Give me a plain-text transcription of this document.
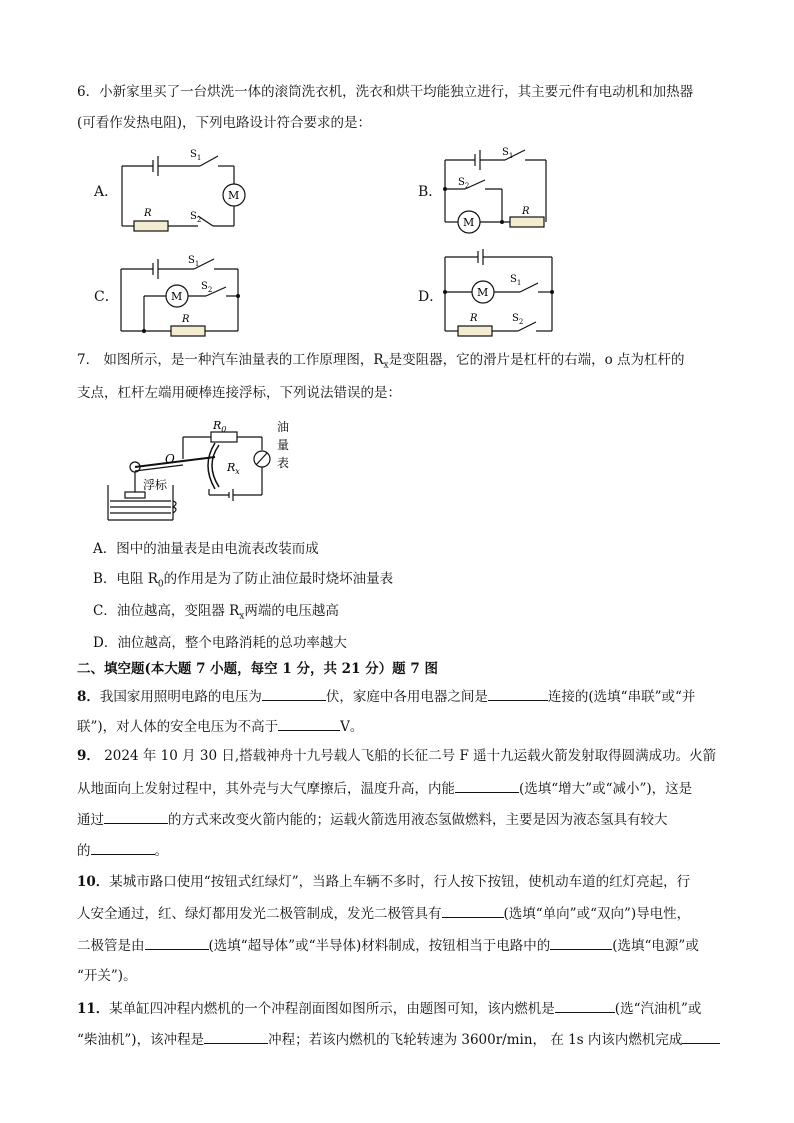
6．小新家里买了一台烘洗一体的滚筒洗衣机，洗衣和烘干均能独立进行，其主要元件有电动机和加热器
(可看作发热电阻)，下列电路设计符合要求的是：
A．
$S_1$
$S_2$
R
M	B．
$S_1$
$S_2$
R
M
C．
$S_1$
$S_2$
R
M	D．
$S_1$
$S_2$
R
M
7． 如图所示，是一种汽车油量表的工作原理图，$R_x$是变阻器，它的滑片是杠杆的右端，o 点为杠杆的
支点，杠杆左端用硬棒连接浮标，下列说法错误的是：
$R_0$
$R_x$
O
浮标
油
量
表
A．图中的油量表是由电流表改装而成
B．电阻 $R_0$的作用是为了防止油位最时烧坏油量表
C．油位越高，变阻器 $R_x$两端的电压越高
D．油位越高，整个电路消耗的总功率越大
二、填空题(本大题 7 小题，每空 1 分，共 21 分）题 7 图
8．我国家用照明电路的电压为	伏，家庭中各用电器之间是	连接的(选填“串联”或“并
联”)，对人体的安全电压为不高于	V。
9． 2024 年 10 月 30 日,搭载神舟十九号载人飞船的长征二号 F 遥十九运载火箭发射取得圆满成功。火箭
从地面向上发射过程中，其外壳与大气摩擦后，温度升高，内能	(选填“增大”或“减小”)，这是
通过	的方式来改变火箭内能的；运载火箭选用液态氢做燃料，主要是因为液态氢具有较大
的	。
10．某城市路口使用“按钮式红绿灯”，当路上车辆不多时，行人按下按钮，使机动车道的红灯亮起，行
人安全通过，红、绿灯都用发光二极管制成，发光二极管具有	(选填“单向”或“双向”)导电性，
二极管是由	(选填“超导体”或“半导体)材料制成，按钮相当于电路中的	(选填“电源”或
“开关”)。
11．某单缸四冲程内燃机的一个冲程剖面图如图所示，由题图可知，该内燃机是	(选“汽油机”或
“柴油机”)，该冲程是	冲程；若该内燃机的飞轮转速为 3600r/min， 在 1s 内该内燃机完成
